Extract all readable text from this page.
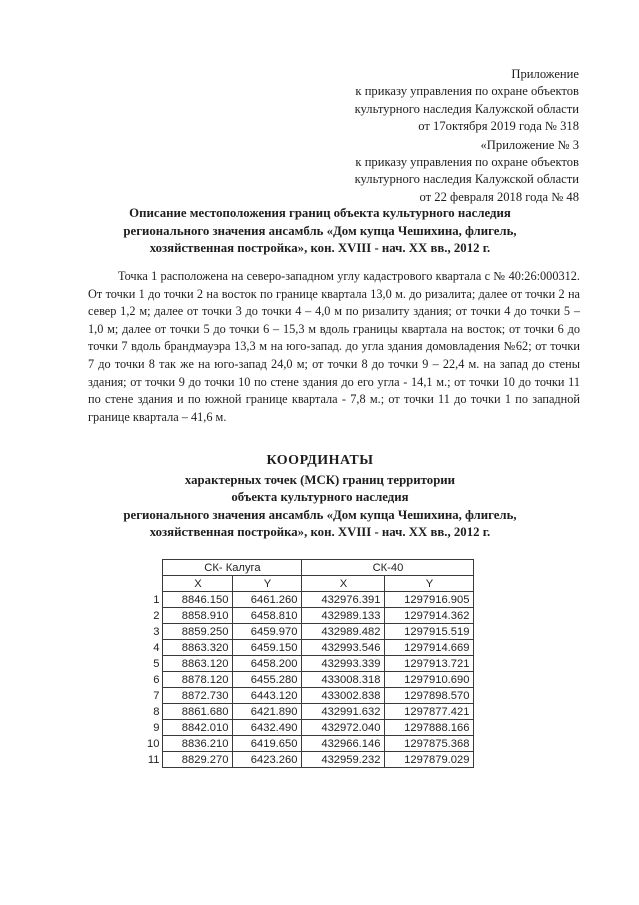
Приложение
к приказу управления по охране объектов
культурного наследия Калужской области
от 17октября 2019 года № 318
«Приложение № 3
к приказу управления по охране объектов
культурного наследия Калужской области
от 22 февраля 2018 года № 48
Описание местоположения границ объекта культурного наследия
регионального значения ансамбль «Дом купца Чешихина, флигель,
хозяйственная постройка», кон. XVIII - нач. XX вв., 2012 г.
Точка 1 расположена на северо-западном углу кадастрового квартала с № 40:26:000312. От точки 1 до точки 2 на восток по границе квартала 13,0 м. до ризалита; далее от точки 2 на север 1,2 м; далее от точки 3 до точки 4 – 4,0 м по ризалиту здания; от точки 4 до точки 5 – 1,0 м; далее от точки 5 до точки 6 – 15,3 м вдоль границы квартала на восток; от точки 6 до точки 7 вдоль брандмауэра 13,3 м на юго-запад. до угла здания домовладения №62; от точки 7 до точки 8 так же на юго-запад 24,0 м; от точки 8 до точки 9 – 22,4 м. на запад до стены здания; от точки 9 до точки 10 по стене здания до его угла - 14,1 м.; от точки 10 до точки 11 по стене здания и по южной границе квартала - 7,8 м.; от точки 11 до точки 1 по западной границе квартала – 41,6 м.
КООРДИНАТЫ
характерных точек (МСК) границ территории
объекта культурного наследия
регионального значения ансамбль «Дом купца Чешихина, флигель,
хозяйственная постройка», кон. XVIII - нач. XX вв., 2012 г.
	СК- Калуга		СК-40	
	X	Y	X	Y
1	8846.150	6461.260	432976.391	1297916.905
2	8858.910	6458.810	432989.133	1297914.362
3	8859.250	6459.970	432989.482	1297915.519
4	8863.320	6459.150	432993.546	1297914.669
5	8863.120	6458.200	432993.339	1297913.721
6	8878.120	6455.280	433008.318	1297910.690
7	8872.730	6443.120	433002.838	1297898.570
8	8861.680	6421.890	432991.632	1297877.421
9	8842.010	6432.490	432972.040	1297888.166
10	8836.210	6419.650	432966.146	1297875.368
11	8829.270	6423.260	432959.232	1297879.029
